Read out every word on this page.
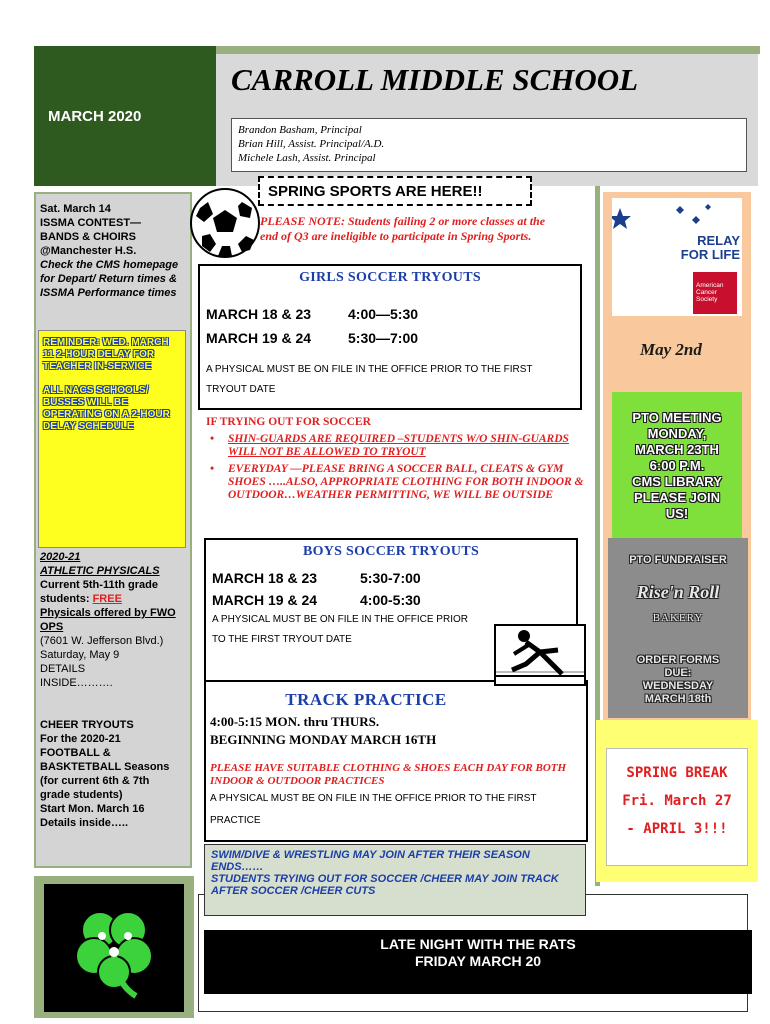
MARCH 2020
CARROLL MIDDLE SCHOOL
Brandon Basham, Principal
Brian Hill, Assist. Principal/A.D.
Michele Lash, Assist. Principal
Sat. March 14
ISSMA CONTEST—
BANDS & CHOIRS
@Manchester H.S.
Check the CMS homepage for Depart/ Return times & ISSMA Performance times

REMINDER: WED. MARCH 11 2-HOUR DELAY FOR TEACHER IN-SERVICE

ALL NACS SCHOOLS/ BUSSES WILL BE OPERATING ON A 2-HOUR DELAY SCHEDULE

2020-21
ATHLETIC PHYSICALS
Current 5th-11th grade students: FREE
Physicals offered by FWO OPS
(7601 W. Jefferson Blvd.)
Saturday, May 9
DETAILS
INSIDE……….
CHEER TRYOUTS
For the 2020-21
FOOTBALL &
BASKTETBALL Seasons
(for current 6th & 7th
grade students)
Start Mon. March 16
Details inside…..
SPRING SPORTS ARE HERE!!
PLEASE NOTE: Students failing 2 or more classes at the end of Q3 are ineligible to participate in Spring Sports.
GIRLS SOCCER TRYOUTS
MARCH 18 & 23	4:00—5:30
MARCH 19 & 24	5:30—7:00
A PHYSICAL MUST BE ON FILE IN THE OFFICE PRIOR TO THE FIRST TRYOUT DATE
IF TRYING OUT FOR SOCCER
• SHIN-GUARDS ARE REQUIRED –STUDENTS W/O SHIN-GUARDS WILL NOT BE ALLOWED TO TRYOUT
• EVERYDAY —PLEASE BRING A SOCCER BALL, CLEATS & GYM SHOES …..ALSO, APPROPRIATE CLOTHING FOR BOTH INDOOR & OUTDOOR…WEATHER PERMITTING, WE WILL BE OUTSIDE
BOYS SOCCER TRYOUTS
MARCH 18 & 23	5:30-7:00
MARCH 19 & 24	4:00-5:30
A PHYSICAL MUST BE ON FILE IN THE OFFICE PRIOR TO THE FIRST TRYOUT DATE
TRACK PRACTICE
4:00-5:15 MON. thru THURS.
BEGINNING MONDAY MARCH 16TH
PLEASE HAVE SUITABLE CLOTHING & SHOES EACH DAY FOR BOTH INDOOR & OUTDOOR PRACTICES
A PHYSICAL MUST BE ON FILE IN THE OFFICE PRIOR TO THE FIRST PRACTICE
SWIM/DIVE & WRESTLING MAY JOIN AFTER THEIR SEASON ENDS……
STUDENTS TRYING OUT FOR SOCCER /CHEER MAY JOIN TRACK AFTER SOCCER /CHEER CUTS
LATE NIGHT WITH THE RATS
FRIDAY MARCH 20
RELAY
FOR LIFE
American Cancer Society
May 2nd
PTO MEETING
MONDAY,
MARCH 23TH
6:00 P.M.
CMS LIBRARY
PLEASE JOIN
US!
PTO FUNDRAISER
Rise'n Roll
BAKERY
ORDER FORMS
DUE:
WEDNESDAY
MARCH 18th
SPRING BREAK
Fri. March 27
- APRIL 3!!!
